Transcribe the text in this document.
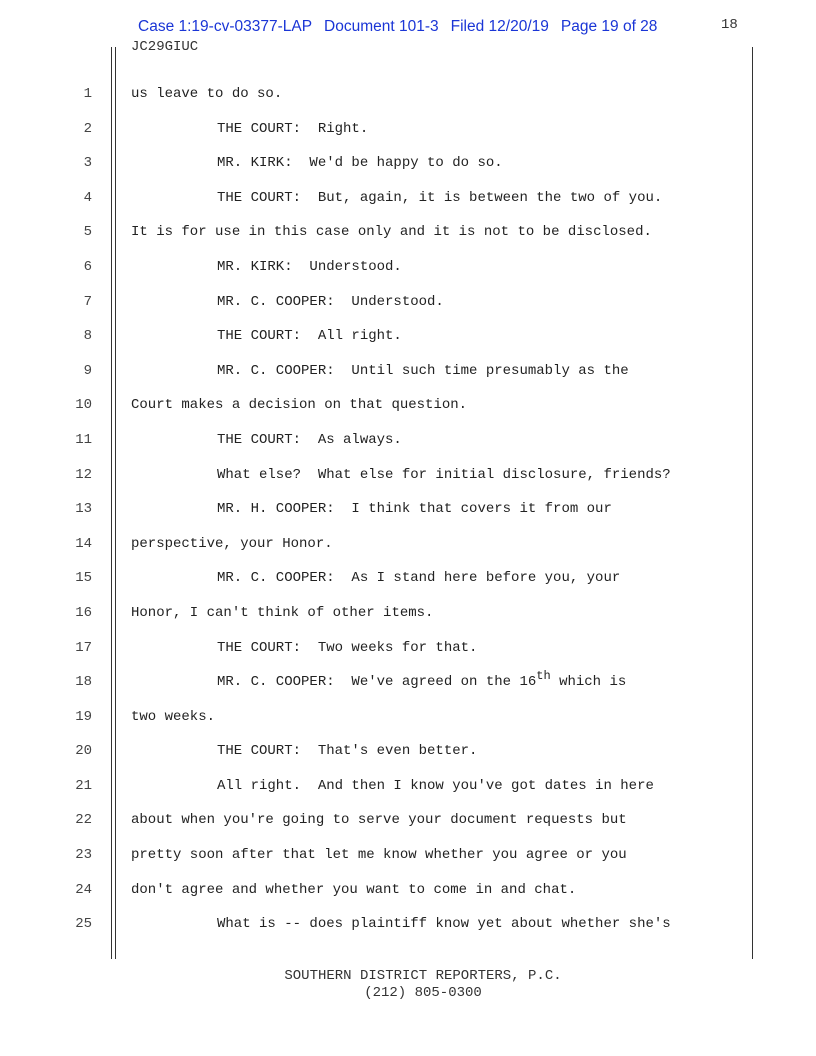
Case 1:19-cv-03377-LAP Document 101-3 Filed 12/20/19 Page 19 of 28	18
JC29GIUC
1	us leave to do so.
2	THE COURT:  Right.
3	MR. KIRK:  We'd be happy to do so.
4	THE COURT:  But, again, it is between the two of you.
5	It is for use in this case only and it is not to be disclosed.
6	MR. KIRK:  Understood.
7	MR. C. COOPER:  Understood.
8	THE COURT:  All right.
9	MR. C. COOPER:  Until such time presumably as the
10	Court makes a decision on that question.
11	THE COURT:  As always.
12	What else?  What else for initial disclosure, friends?
13	MR. H. COOPER:  I think that covers it from our
14	perspective, your Honor.
15	MR. C. COOPER:  As I stand here before you, your
16	Honor, I can't think of other items.
17	THE COURT:  Two weeks for that.
18	MR. C. COOPER:  We've agreed on the 16th which is
19	two weeks.
20	THE COURT:  That's even better.
21	All right.  And then I know you've got dates in here
22	about when you're going to serve your document requests but
23	pretty soon after that let me know whether you agree or you
24	don't agree and whether you want to come in and chat.
25	What is -- does plaintiff know yet about whether she's
SOUTHERN DISTRICT REPORTERS, P.C.
(212) 805-0300
